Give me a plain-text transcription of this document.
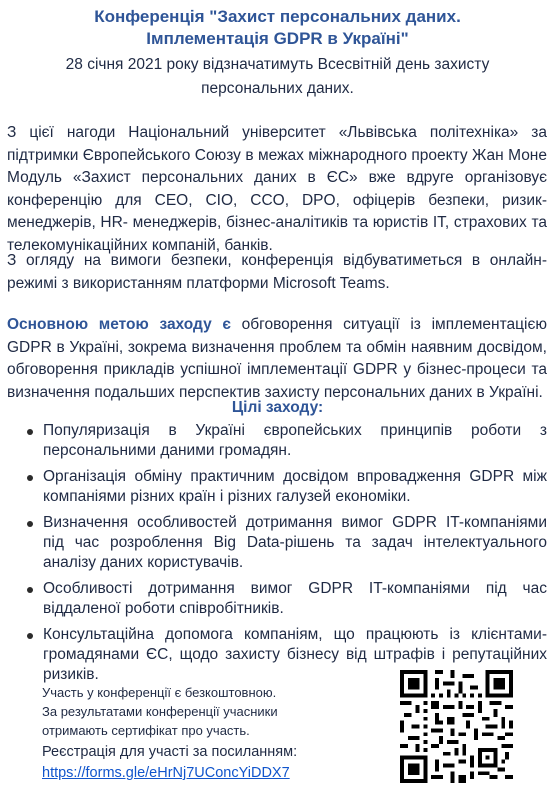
Конференція "Захист персональних даних.
Імплементація GDPR в Україні"
28 січня 2021 року відзначатимуть Всесвітній день захисту персональних даних.
З цієї нагоди Національний університет «Львівська політехніка» за підтримки Європейського Союзу в межах міжнародного проекту Жан Моне Модуль «Захист персональних даних в ЄС» вже вдруге організовує конференцію для CEO, CIO, CCO, DPO, офіцерів безпеки, ризик-менеджерів, HR- менеджерів, бізнес-аналітиків та юристів ІТ, страхових та телекомунікаційних компаній, банків.
З огляду на вимоги безпеки, конференція відбуватиметься в онлайн-режимі з використанням платформи Microsoft Teams.
Основною метою заходу є обговорення ситуації із імплементацією GDPR в Україні, зокрема визначення проблем та обмін наявним досвідом, обговорення прикладів успішної імплементації GDPR у бізнес-процеси та визначення подальших перспектив захисту персональних даних в Україні.
Цілі заходу:
Популяризація в Україні європейських принципів роботи з персональними даними громадян.
Організація обміну практичним досвідом впровадження GDPR між компаніями різних країн і різних галузей економіки.
Визначення особливостей дотримання вимог GDPR IT-компаніями під час розроблення Big Data-рішень та задач інтелектуального аналізу даних користувачів.
Особливості дотримання вимог GDPR IT-компаніями під час віддаленої роботи співробітників.
Консультаційна допомога компаніям, що працюють із клієнтами-громадянами ЄС, щодо захисту бізнесу від штрафів і репутаційних ризиків.
Участь у конференції є безкоштовною.
За результатами конференції учасники
отримають сертифікат про участь.
Реєстрація для участі за посиланням:
https://forms.gle/eHrNj7UConcYiDDX7
